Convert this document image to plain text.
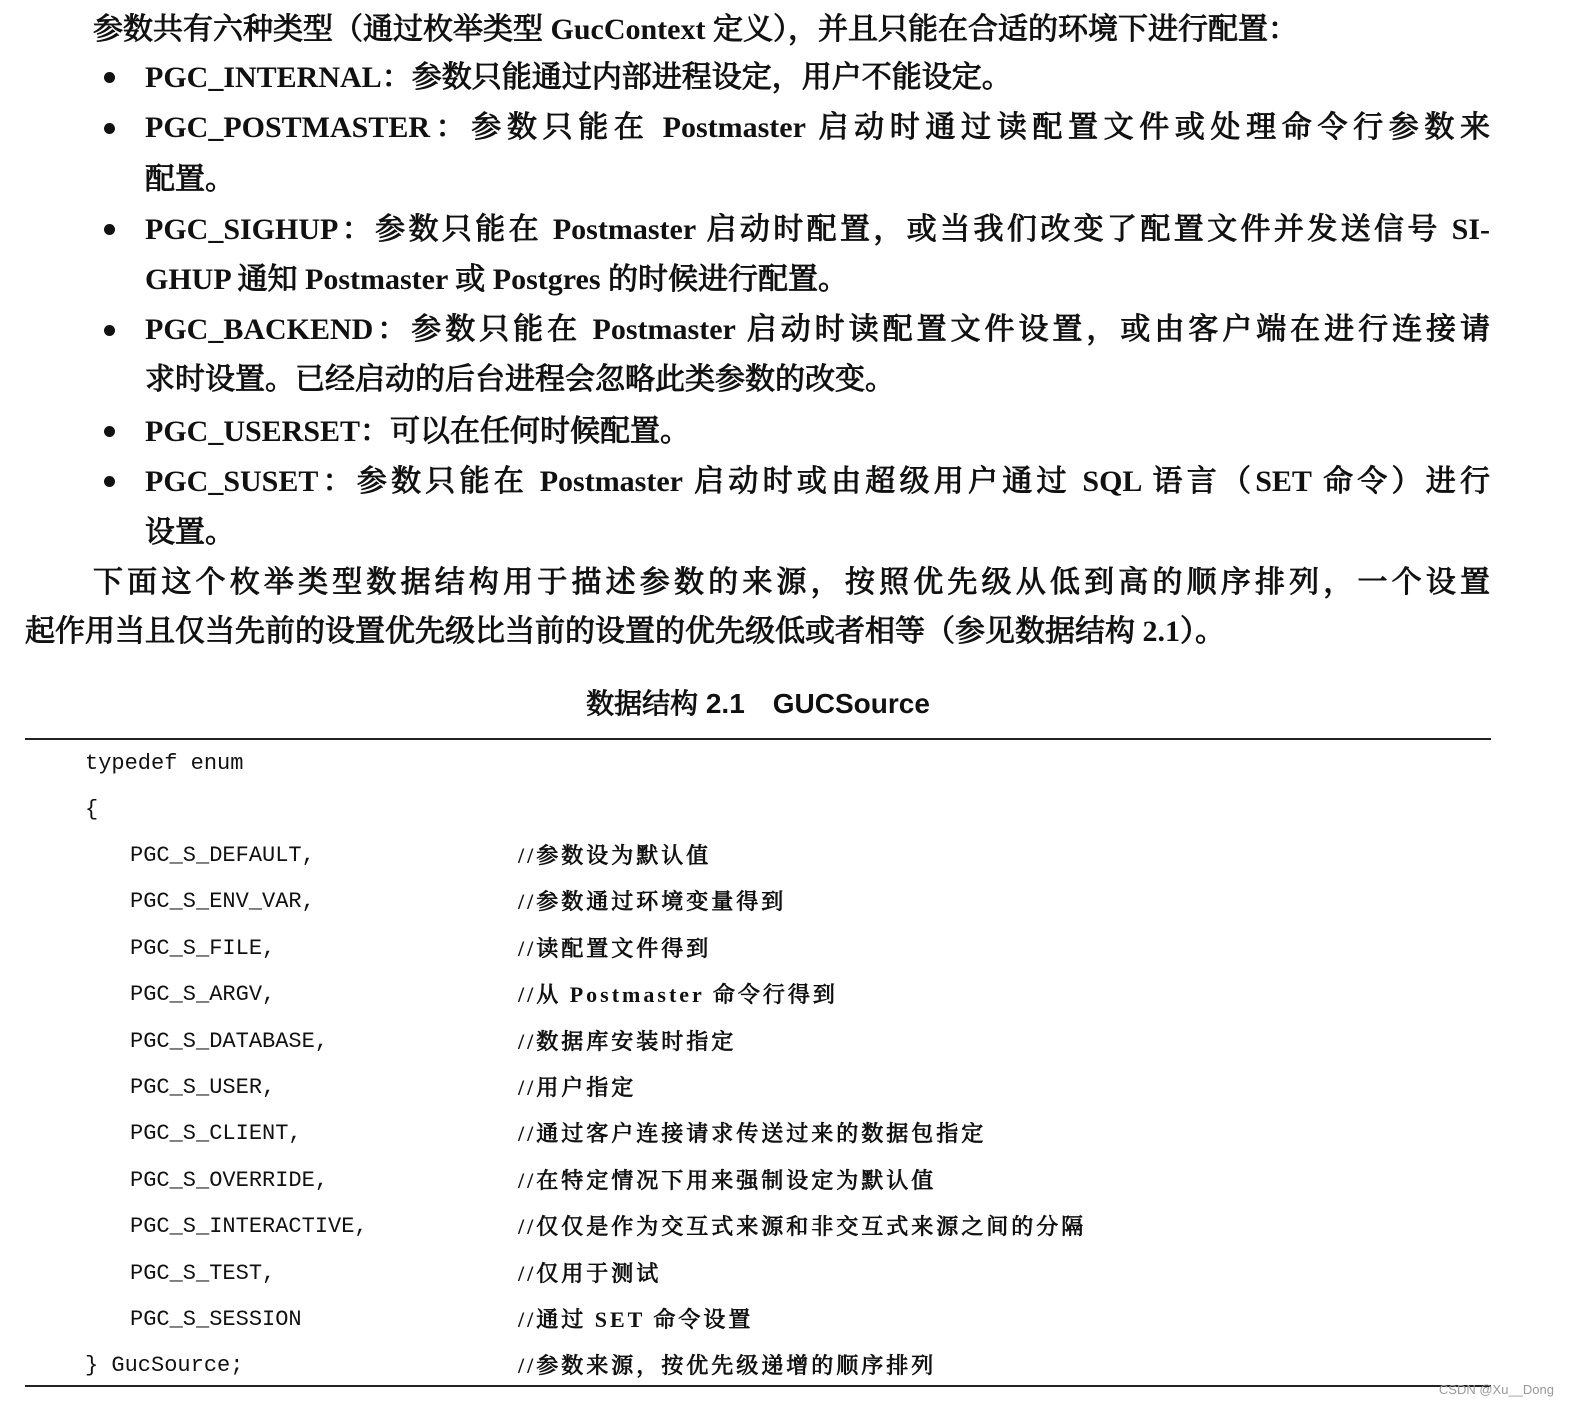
参数共有六种类型（通过枚举类型 GucContext 定义），并且只能在合适的环境下进行配置：
PGC_INTERNAL：参数只能通过内部进程设定，用户不能设定。
PGC_POSTMASTER：参数只能在 Postmaster 启动时通过读配置文件或处理命令行参数来
配置。
PGC_SIGHUP：参数只能在 Postmaster 启动时配置，或当我们改变了配置文件并发送信号 SI-
GHUP 通知 Postmaster 或 Postgres 的时候进行配置。
PGC_BACKEND：参数只能在 Postmaster 启动时读配置文件设置，或由客户端在进行连接请
求时设置。已经启动的后台进程会忽略此类参数的改变。
PGC_USERSET：可以在任何时候配置。
PGC_SUSET：参数只能在 Postmaster 启动时或由超级用户通过 SQL 语言（SET 命令）进行
设置。
下面这个枚举类型数据结构用于描述参数的来源，按照优先级从低到高的顺序排列，一个设置
起作用当且仅当先前的设置优先级比当前的设置的优先级低或者相等（参见数据结构 2.1）。
数据结构 2.1　GUCSource
typedef enum
{
PGC_S_DEFAULT,	//参数设为默认值
PGC_S_ENV_VAR,	//参数通过环境变量得到
PGC_S_FILE,	//读配置文件得到
PGC_S_ARGV,	//从 Postmaster 命令行得到
PGC_S_DATABASE,	//数据库安装时指定
PGC_S_USER,	//用户指定
PGC_S_CLIENT,	//通过客户连接请求传送过来的数据包指定
PGC_S_OVERRIDE,	//在特定情况下用来强制设定为默认值
PGC_S_INTERACTIVE,	//仅仅是作为交互式来源和非交互式来源之间的分隔
PGC_S_TEST,	//仅用于测试
PGC_S_SESSION	//通过 SET 命令设置
} GucSource;	//参数来源，按优先级递增的顺序排列
CSDN @Xu__Dong
